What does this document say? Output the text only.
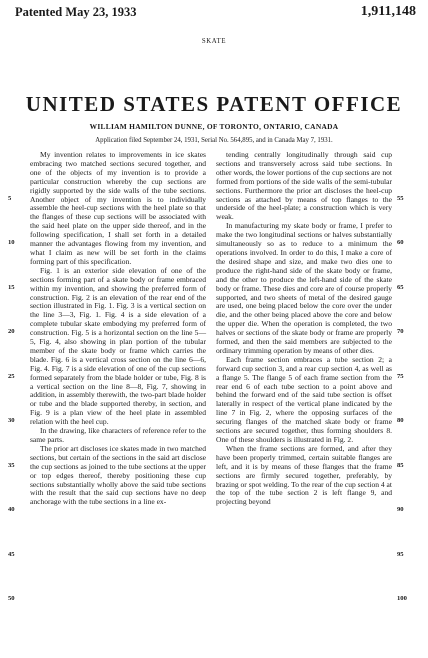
Patented May 23, 1933	1,911,148
UNITED STATES PATENT OFFICE
WILLIAM HAMILTON DUNNE, OF TORONTO, ONTARIO, CANADA
SKATE
Application filed September 24, 1931, Serial No. 564,895, and in Canada May 7, 1931.

My invention relates to improvements in ice skates embracing two matched sections secured together, and one of the objects of my invention is to provide a particular construction whereby the cup sections are rigidly supported by the side walls of the tube sections. Another object of my invention is to individually assemble the heel-cup sections with the heel plate so that the flanges of these cup sections will be associated with the said heel plate on the upper side thereof, and in the following specification, I shall set forth in a detailed manner the advantages flowing from my invention, and what I claim as new will be set forth in the claims forming part of this specification.

Fig. 1 is an exterior side elevation of one of the sections forming part of a skate body or frame embraced within my invention, and showing the preferred form of construction. Fig. 2 is an elevation of the rear end of the section illustrated in Fig. 1. Fig. 3 is a vertical section on the line 3—3, Fig. 1. Fig. 4 is a side elevation of a complete tubular skate embodying my preferred form of construction. Fig. 5 is a horizontal section on the line 5—5, Fig. 4, also showing in plan portion of the tubular member of the skate body or frame which carries the blade. Fig. 6 is a vertical cross section on the line 6—6, Fig. 4. Fig. 7 is a side elevation of one of the cup sections formed separately from the blade holder or tube, Fig. 8 is a vertical section on the line 8—8, Fig. 7, showing in addition, in assembly therewith, the two-part blade holder or tube and the blade supported thereby, in section, and Fig. 9 is a plan view of the heel plate in assembled relation with the heel cup.

In the drawing, like characters of reference refer to the same parts.

The prior art discloses ice skates made in two matched sections, but certain of the sections in the said art disclose the cup sections as joined to the tube sections at the upper or top edges thereof, thereby positioning these cup sections substantially wholly above the said tube sections with the result that the said cup sections have no deep anchorage with the tube sections in a line ex-

tending centrally longitudinally through said cup sections and transversely across said tube sections. In other words, the lower portions of the cup sections are not formed from portions of the side walls of the semi-tubular sections. Furthermore the prior art discloses the heel-cup sections as attached by means of top flanges to the underside of the heel-plate; a construction which is very weak.

In manufacturing my skate body or frame, I prefer to make the two longitudinal sections or halves substantially simultaneously so as to reduce to a minimum the operations involved. In order to do this, I make a core of the desired shape and size, and make two dies one to produce the right-hand side of the skate body or frame, and the other to produce the left-hand side of the skate body or frame. These dies and core are of course properly supported, and two sheets of metal of the desired gauge are used, one being placed below the core over the under die, and the other being placed above the core and below the upper die. When the operation is completed, the two halves or sections of the skate body or frame are properly formed, and then the said members are subjected to the ordinary trimming operation by means of other dies.

Each frame section embraces a tube section 2; a forward cup section 3, and a rear cup section 4, as well as a flange 5. The flange 5 of each frame section from the rear end 6 of each tube section to a point above and behind the forward end of the said tube section is offset laterally in respect of the vertical plane indicated by the line 7 in Fig. 2, where the opposing surfaces of the securing flanges of the matched skate body or frame sections are secured together, thus forming shoulders 8. One of these shoulders is illustrated in Fig. 2.

When the frame sections are formed, and after they have been properly trimmed, certain suitable flanges are left, and it is by means of these flanges that the frame sections are firmly secured together, preferably, by brazing or spot welding. To the rear of the cup section 4 at the top of the tube section 2 is left flange 9, and projecting beyond

5
10
15
20
25
30
35
40
45
50
55
60
65
70
75
80
85
90
95
100
